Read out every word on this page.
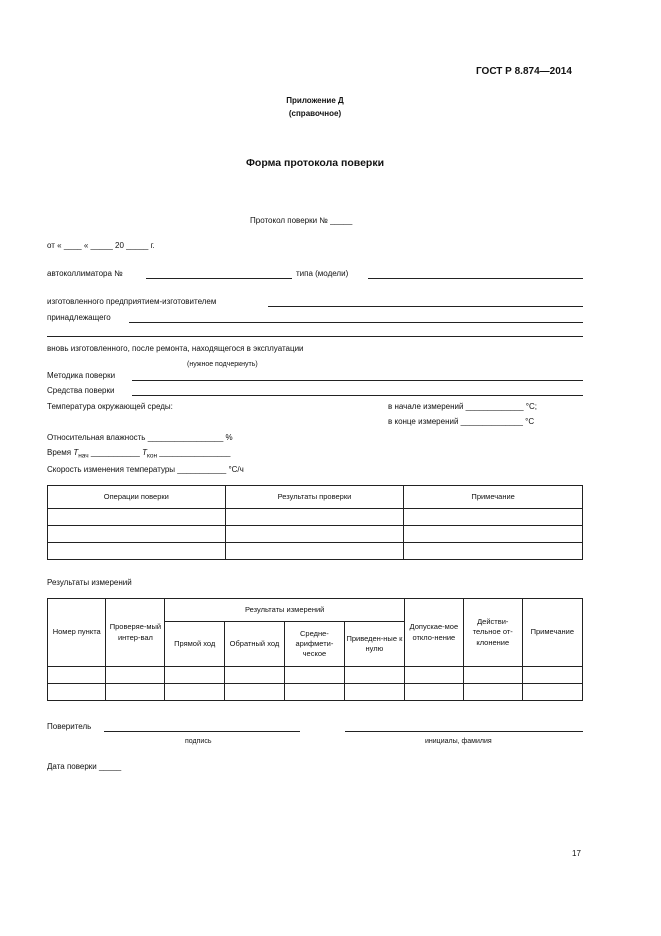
ГОСТ Р 8.874—2014
Приложение Д
(справочное)
Форма протокола поверки
Протокол поверки № _____
от « ____ « _____ 20 _____ г.
автоколлиматора №	типа (модели)
изготовленного предприятием-изготовителем
принадлежащего
вновь изготовленного, после ремонта, находящегося в эксплуатации
(нужное подчеркнуть)
Методика поверки
Средства поверки
Температура окружающей среды:	в начале измерений _____________ °С;
в конце измерений ______________ °С
Относительная влажность _________________ %
Время $T_{нач}$ ___________ $T_{кон}$ ________________
Скорость изменения температуры ___________ °С/ч
Операции поверки	Результаты проверки	Примечание

Результаты измерений
Номер пункта	Проверяе-мый интер-вал	Результаты измерений				Допускае-мое откло-нение	Действи-тельное от-клонение	Примечание
		Прямой ход	Обратный ход	Средне-арифмети-ческое	Приведен-ные к нулю			

Поверитель
подпись	инициалы, фамилия
Дата поверки _____
17
